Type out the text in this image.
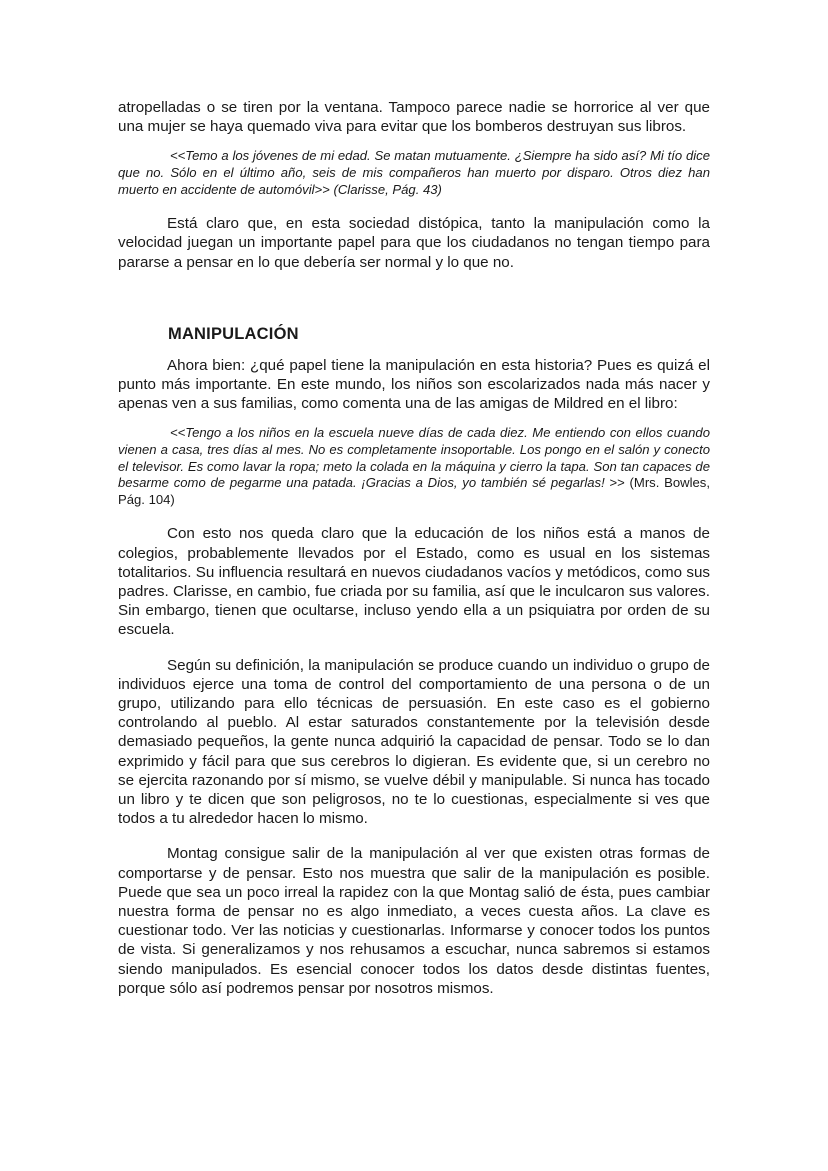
atropelladas o se tiren por la ventana. Tampoco parece nadie se horrorice al ver que una mujer se haya quemado viva para evitar que los bomberos destruyan sus libros.

<<Temo a los jóvenes de mi edad. Se matan mutuamente. ¿Siempre ha sido así? Mi tío dice que no. Sólo en el último año, seis de mis compañeros han muerto por disparo. Otros diez han muerto en accidente de automóvil>> (Clarisse, Pág. 43)

Está claro que, en esta sociedad distópica, tanto la manipulación como la velocidad juegan un importante papel para que los ciudadanos no tengan tiempo para pararse a pensar en lo que debería ser normal y lo que no.

MANIPULACIÓN

Ahora bien: ¿qué papel tiene la manipulación en esta historia? Pues es quizá el punto más importante. En este mundo, los niños son escolarizados nada más nacer y apenas ven a sus familias, como comenta una de las amigas de Mildred en el libro:

<<Tengo a los niños en la escuela nueve días de cada diez. Me entiendo con ellos cuando vienen a casa, tres días al mes. No es completamente insoportable. Los pongo en el salón y conecto el televisor. Es como lavar la ropa; meto la colada en la máquina y cierro la tapa. Son tan capaces de besarme como de pegarme una patada. ¡Gracias a Dios, yo también sé pegarlas! >> (Mrs. Bowles, Pág. 104)

Con esto nos queda claro que la educación de los niños está a manos de colegios, probablemente llevados por el Estado, como es usual en los sistemas totalitarios. Su influencia resultará en nuevos ciudadanos vacíos y metódicos, como sus padres. Clarisse, en cambio, fue criada por su familia, así que le inculcaron sus valores. Sin embargo, tienen que ocultarse, incluso yendo ella a un psiquiatra por orden de su escuela.

Según su definición, la manipulación se produce cuando un individuo o grupo de individuos ejerce una toma de control del comportamiento de una persona o de un grupo, utilizando para ello técnicas de persuasión. En este caso es el gobierno controlando al pueblo. Al estar saturados constantemente por la televisión desde demasiado pequeños, la gente nunca adquirió la capacidad de pensar. Todo se lo dan exprimido y fácil para que sus cerebros lo digieran. Es evidente que, si un cerebro no se ejercita razonando por sí mismo, se vuelve débil y manipulable. Si nunca has tocado un libro y te dicen que son peligrosos, no te lo cuestionas, especialmente si ves que todos a tu alrededor hacen lo mismo.

Montag consigue salir de la manipulación al ver que existen otras formas de comportarse y de pensar. Esto nos muestra que salir de la manipulación es posible. Puede que sea un poco irreal la rapidez con la que Montag salió de ésta, pues cambiar nuestra forma de pensar no es algo inmediato, a veces cuesta años. La clave es cuestionar todo. Ver las noticias y cuestionarlas. Informarse y conocer todos los puntos de vista. Si generalizamos y nos rehusamos a escuchar, nunca sabremos si estamos siendo manipulados. Es esencial conocer todos los datos desde distintas fuentes, porque sólo así podremos pensar por nosotros mismos.
